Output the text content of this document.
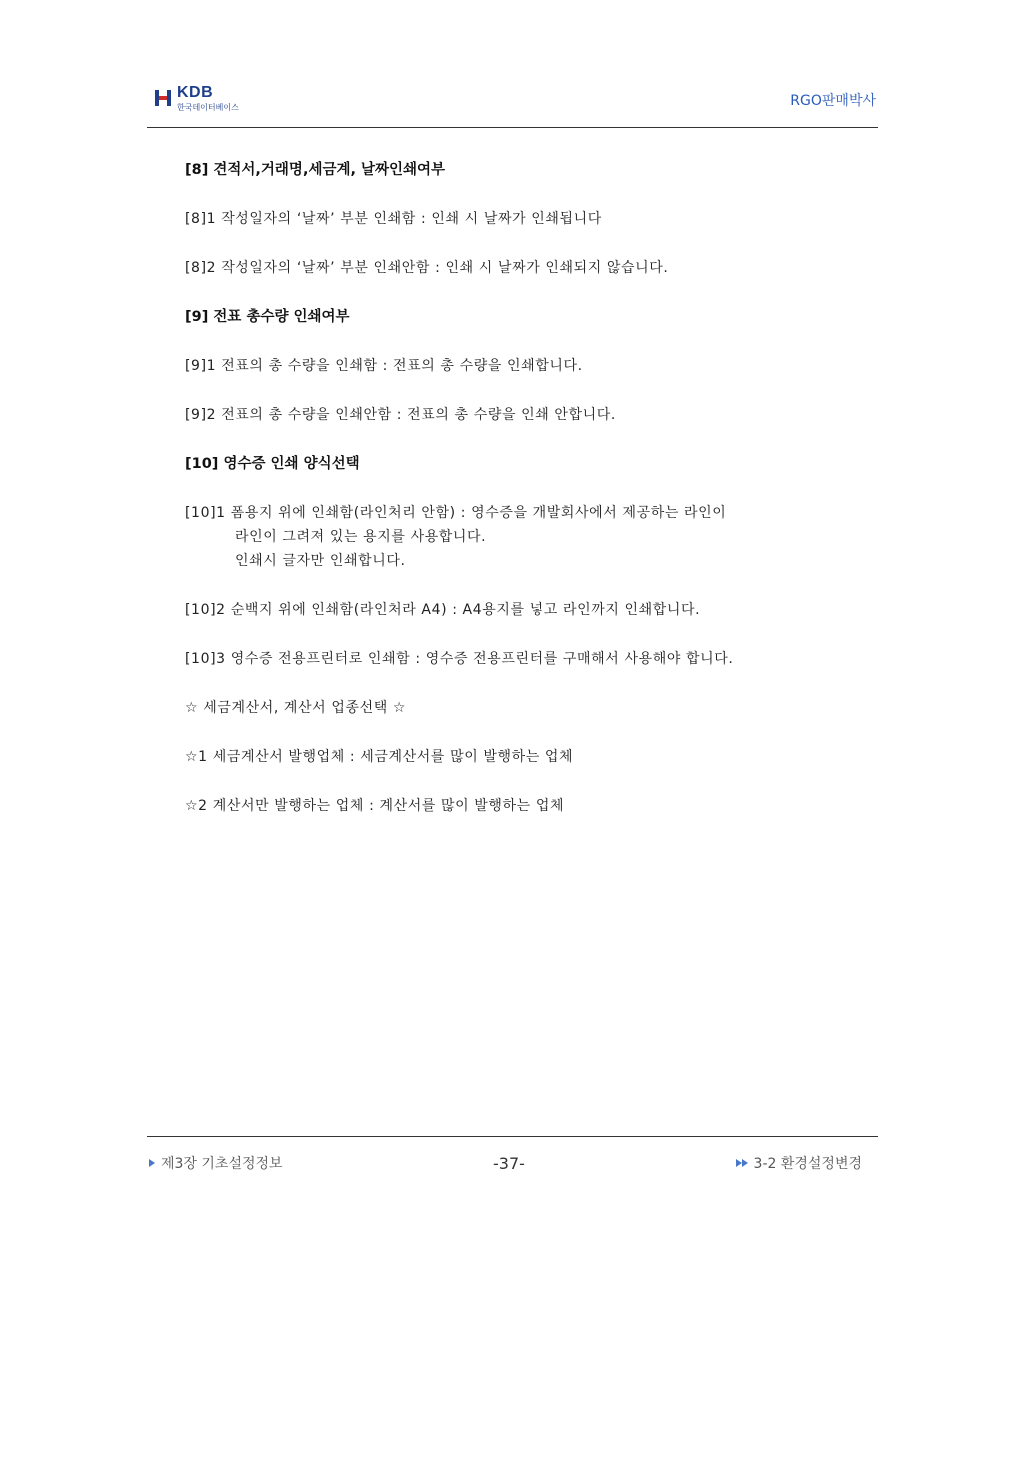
KDB
한국데이터베이스	RGO판매박사
[8] 견적서,거래명,세금계, 날짜인쇄여부
[8]1 작성일자의 ‘날짜’ 부분 인쇄함 : 인쇄 시 날짜가 인쇄됩니다
[8]2 작성일자의 ‘날짜’ 부분 인쇄안함 : 인쇄 시 날짜가 인쇄되지 않습니다.
[9] 전표 총수량 인쇄여부
[9]1 전표의 총 수량을 인쇄함 : 전표의 총 수량을 인쇄합니다.
[9]2 전표의 총 수량을 인쇄안함 : 전표의 총 수량을 인쇄 안합니다.
[10] 영수증 인쇄 양식선택
[10]1 폼용지 위에 인쇄함(라인처리 안함) : 영수증을 개발회사에서 제공하는 라인이
라인이 그려져 있는 용지를 사용합니다.
인쇄시 글자만 인쇄합니다.
[10]2 순백지 위에 인쇄함(라인처라 A4) : A4용지를 넣고 라인까지 인쇄합니다.
[10]3 영수증 전용프린터로 인쇄함 : 영수증 전용프린터를 구매해서 사용해야 합니다.
☆ 세금계산서, 계산서 업종선택 ☆
☆1 세금계산서 발행업체 : 세금계산서를 많이 발행하는 업체
☆2 계산서만 발행하는 업체 : 계산서를 많이 발행하는 업체
제3장 기초설정정보	-37-	3-2 환경설정변경
